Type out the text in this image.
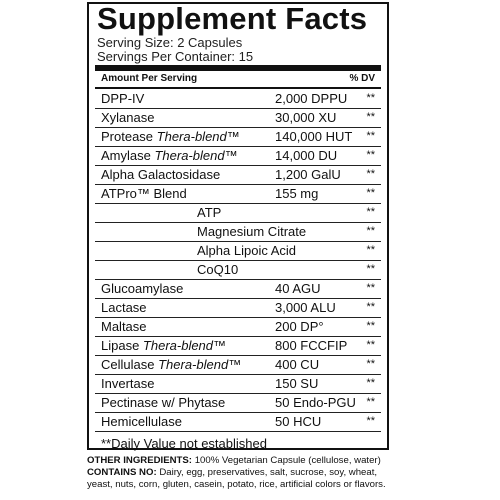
Supplement Facts
Serving Size: 2 Capsules
Servings Per Container: 15
Amount Per Serving	% DV
DPP-IV	2,000 DPPU **
Xylanase	30,000 XU	**
Protease Thera-blend™	140,000 HUT **
Amylase Thera-blend™	14,000 DU	**
Alpha Galactosidase	1,200 GalU **
ATPro™ Blend	155 mg	**
ATP	**
Magnesium Citrate	**
Alpha Lipoic Acid	**
CoQ10	**
Glucoamylase	40 AGU	**
Lactase	3,000 ALU	**
Maltase	200 DP°	**
Lipase Thera-blend™	800 FCCFIP **
Cellulase Thera-blend™	400 CU	**
Invertase	150 SU	**
Pectinase w/ Phytase	50 Endo-PGU **
Hemicellulase	50 HCU	**
**Daily Value not established
OTHER INGREDIENTS: 100% Vegetarian Capsule (cellulose, water)
CONTAINS NO: Dairy, egg, preservatives, salt, sucrose, soy, wheat, yeast, nuts, corn, gluten, casein, potato, rice, artificial colors or flavors.
